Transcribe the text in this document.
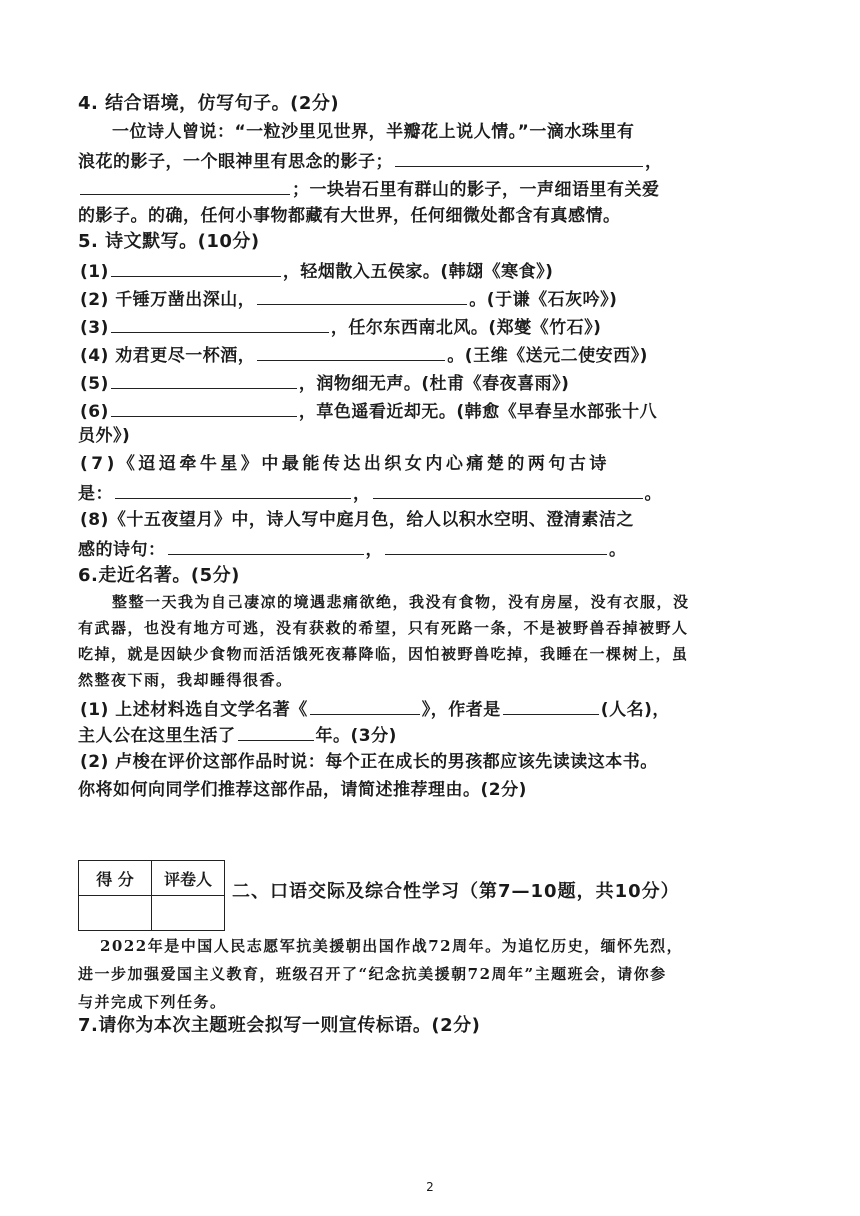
4. 结合语境，仿写句子。(2分)
一位诗人曾说：“一粒沙里见世界，半瓣花上说人情。”一滴水珠里有
浪花的影子，一个眼神里有思念的影子；	，
；一块岩石里有群山的影子，一声细语里有关爱
的影子。的确，任何小事物都藏有大世界，任何细微处都含有真感情。
5. 诗文默写。(10分)
(1)	，轻烟散入五侯家。(韩翃《寒食》)
(2) 千锤万凿出深山，	。(于谦《石灰吟》)
(3)	，任尔东西南北风。(郑燮《竹石》)
(4) 劝君更尽一杯酒，	。(王维《送元二使安西》)
(5)	，润物细无声。(杜甫《春夜喜雨》)
(6)	，草色遥看近却无。(韩愈《早春呈水部张十八
员外》)
(7)《迢迢牵牛星》中最能传达出织女内心痛楚的两句古诗
是：	，	。
(8)《十五夜望月》中，诗人写中庭月色，给人以积水空明、澄清素洁之
感的诗句：	，	。
6.走近名著。(5分)
整整一天我为自己凄凉的境遇悲痛欲绝，我没有食物，没有房屋，没有衣服，没
有武器，也没有地方可逃，没有获救的希望，只有死路一条，不是被野兽吞掉被野人
吃掉，就是因缺少食物而活活饿死夜幕降临，因怕被野兽吃掉，我睡在一棵树上，虽
然整夜下雨，我却睡得很香。
(1) 上述材料选自文学名著《	》，作者是	(人名)，
主人公在这里生活了	年。(3分)
(2) 卢梭在评价这部作品时说：每个正在成长的男孩都应该先读读这本书。
你将如何向同学们推荐这部作品，请简述推荐理由。(2分)
得 分	评卷人

二、口语交际及综合性学习（第7—10题，共10分）
2022年是中国人民志愿军抗美援朝出国作战72周年。为追忆历史，缅怀先烈，
进一步加强爱国主义教育，班级召开了“纪念抗美援朝72周年”主题班会，请你参
与并完成下列任务。
7.请你为本次主题班会拟写一则宣传标语。(2分)
2
